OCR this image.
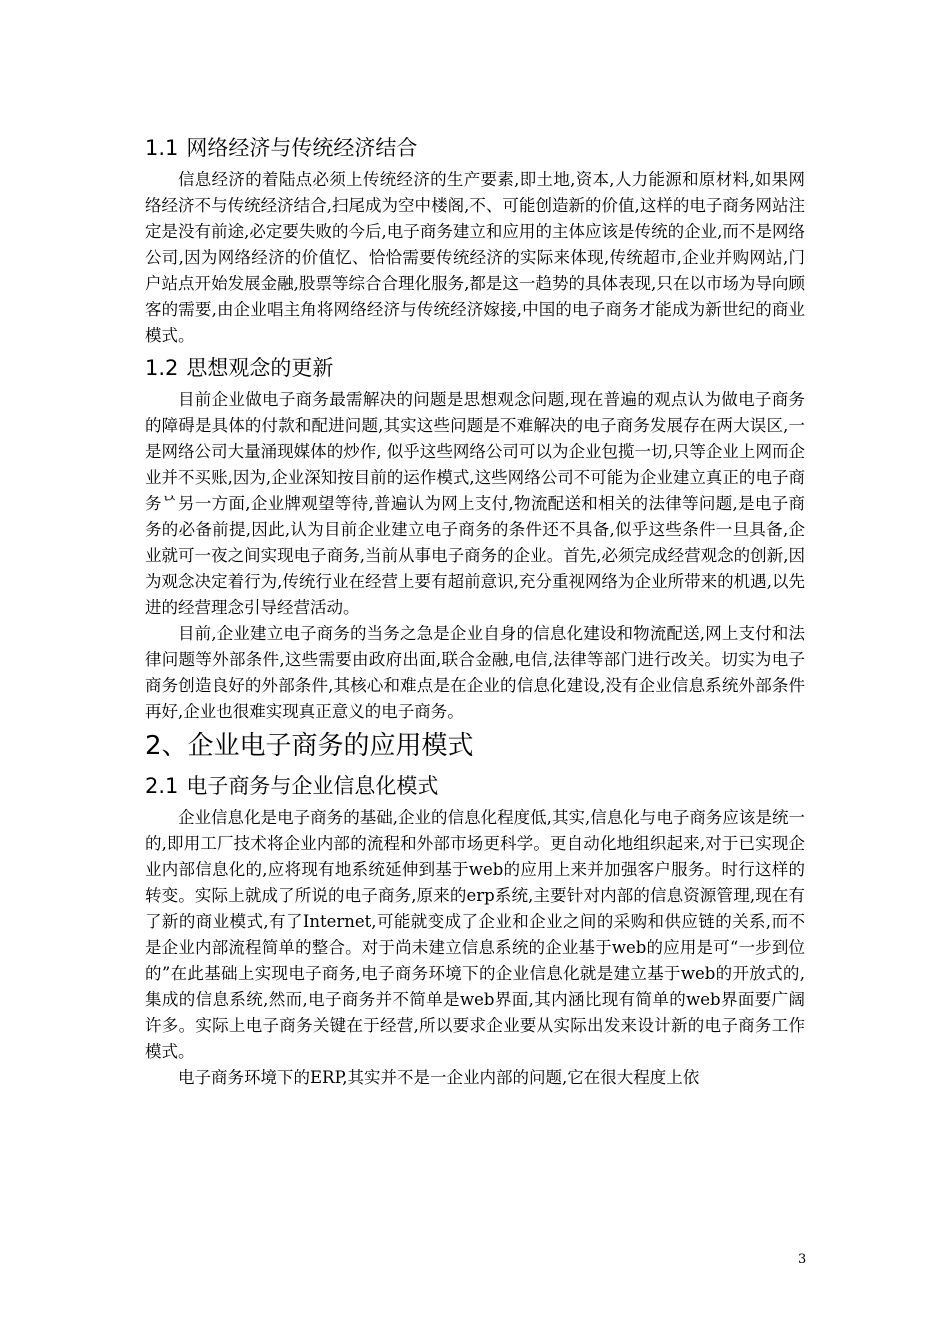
1.1 网络经济与传统经济结合

信息经济的着陆点必须上传统经济的生产要素,即土地,资本,人力能源和原材料,如果网络经济不与传统经济结合,扫尾成为空中楼阁,不、可能创造新的价值,这样的电子商务网站注定是没有前途,必定要失败的今后,电子商务建立和应用的主体应该是传统的企业,而不是网络公司,因为网络经济的价值忆、恰恰需要传统经济的实际来体现,传统超市,企业并购网站,门户站点开始发展金融,股票等综合合理化服务,都是这一趋势的具体表现,只在以市场为导向顾客的需要,由企业唱主角将网络经济与传统经济嫁接,中国的电子商务才能成为新世纪的商业模式。

1.2 思想观念的更新

目前企业做电子商务最需解决的问题是思想观念问题,现在普遍的观点认为做电子商务的障碍是具体的付款和配进问题,其实这些问题是不难解决的电子商务发展存在两大误区,一是网络公司大量涌现媒体的炒作, 似乎这些网络公司可以为企业包揽一切,只等企业上网而企业并不买账,因为,企业深知按目前的运作模式,这些网络公司不可能为企业建立真正的电子商务ᅛ另一方面,企业牌观望等待,普遍认为网上支付,物流配送和相关的法律等问题,是电子商务的必备前提,因此,认为目前企业建立电子商务的条件还不具备,似乎这些条件一旦具备,企业就可一夜之间实现电子商务,当前从事电子商务的企业。首先,必须完成经营观念的创新,因为观念决定着行为,传统行业在经营上要有超前意识,充分重视网络为企业所带来的机遇,以先进的经营理念引导经营活动。

目前,企业建立电子商务的当务之急是企业自身的信息化建设和物流配送,网上支付和法律问题等外部条件,这些需要由政府出面,联合金融,电信,法律等部门进行改关。切实为电子商务创造良好的外部条件,其核心和难点是在企业的信息化建设,没有企业信息系统外部条件再好,企业也很难实现真正意义的电子商务。

2、企业电子商务的应用模式
2.1 电子商务与企业信息化模式

企业信息化是电子商务的基础,企业的信息化程度低,其实,信息化与电子商务应该是统一的,即用工厂技术将企业内部的流程和外部市场更科学。更自动化地组织起来,对于已实现企业内部信息化的,应将现有地系统延伸到基于web的应用上来并加强客户服务。时行这样的转变。实际上就成了所说的电子商务,原来的erp系统,主要针对内部的信息资源管理,现在有了新的商业模式,有了Internet,可能就变成了企业和企业之间的采购和供应链的关系,而不是企业内部流程简单的整合。对于尚未建立信息系统的企业基于web的应用是可“一步到位的”在此基础上实现电子商务,电子商务环境下的企业信息化就是建立基于web的开放式的,集成的信息系统,然而,电子商务并不简单是web界面,其内涵比现有简单的web界面要广阔许多。实际上电子商务关键在于经营,所以要求企业要从实际出发来设计新的电子商务工作模式。

电子商务环境下的ERP,其实并不是一企业内部的问题,它在很大程度上依

3
